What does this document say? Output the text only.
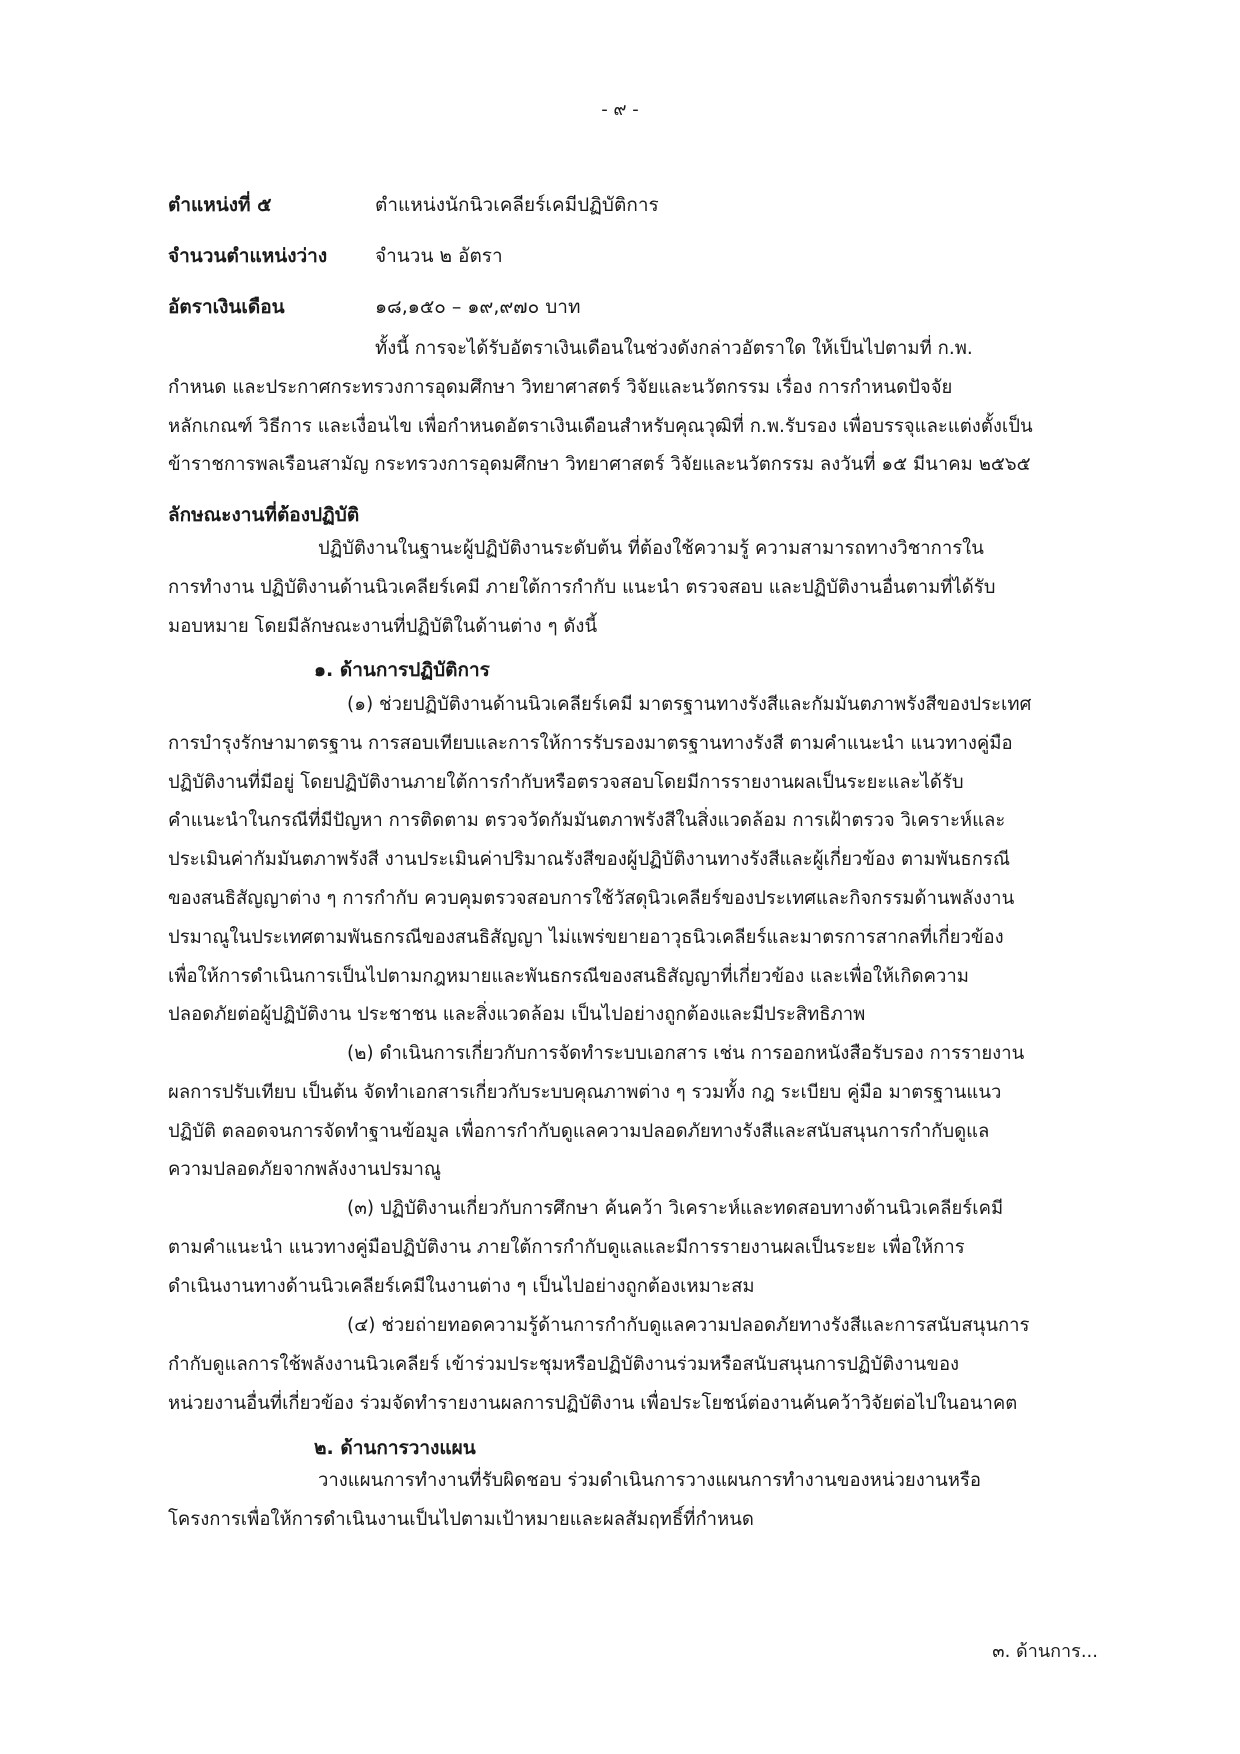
- ๙ -
ตำแหน่งที่ ๕	ตำแหน่งนักนิวเคลียร์เคมีปฏิบัติการ
จำนวนตำแหน่งว่าง	จำนวน ๒ อัตรา
อัตราเงินเดือน	๑๘,๑๕๐ – ๑๙,๙๗๐ บาท
ทั้งนี้ การจะได้รับอัตราเงินเดือนในช่วงดังกล่าวอัตราใด ให้เป็นไปตามที่ ก.พ.
กำหนด และประกาศกระทรวงการอุดมศึกษา วิทยาศาสตร์ วิจัยและนวัตกรรม เรื่อง การกำหนดปัจจัย
หลักเกณฑ์ วิธีการ และเงื่อนไข เพื่อกำหนดอัตราเงินเดือนสำหรับคุณวุฒิที่ ก.พ.รับรอง เพื่อบรรจุและแต่งตั้งเป็น
ข้าราชการพลเรือนสามัญ กระทรวงการอุดมศึกษา วิทยาศาสตร์ วิจัยและนวัตกรรม ลงวันที่ ๑๕ มีนาคม ๒๕๖๕
ลักษณะงานที่ต้องปฏิบัติ
ปฏิบัติงานในฐานะผู้ปฏิบัติงานระดับต้น ที่ต้องใช้ความรู้ ความสามารถทางวิชาการใน
การทำงาน ปฏิบัติงานด้านนิวเคลียร์เคมี ภายใต้การกำกับ แนะนำ ตรวจสอบ และปฏิบัติงานอื่นตามที่ได้รับ
มอบหมาย โดยมีลักษณะงานที่ปฏิบัติในด้านต่าง ๆ ดังนี้
๑. ด้านการปฏิบัติการ
(๑) ช่วยปฏิบัติงานด้านนิวเคลียร์เคมี มาตรฐานทางรังสีและกัมมันตภาพรังสีของประเทศ
การบำรุงรักษามาตรฐาน การสอบเทียบและการให้การรับรองมาตรฐานทางรังสี ตามคำแนะนำ แนวทางคู่มือ
ปฏิบัติงานที่มีอยู่ โดยปฏิบัติงานภายใต้การกำกับหรือตรวจสอบโดยมีการรายงานผลเป็นระยะและได้รับ
คำแนะนำในกรณีที่มีปัญหา การติดตาม ตรวจวัดกัมมันตภาพรังสีในสิ่งแวดล้อม การเฝ้าตรวจ วิเคราะห์และ
ประเมินค่ากัมมันตภาพรังสี งานประเมินค่าปริมาณรังสีของผู้ปฏิบัติงานทางรังสีและผู้เกี่ยวข้อง ตามพันธกรณี
ของสนธิสัญญาต่าง ๆ การกำกับ ควบคุมตรวจสอบการใช้วัสดุนิวเคลียร์ของประเทศและกิจกรรมด้านพลังงาน
ปรมาณูในประเทศตามพันธกรณีของสนธิสัญญา ไม่แพร่ขยายอาวุธนิวเคลียร์และมาตรการสากลที่เกี่ยวข้อง
เพื่อให้การดำเนินการเป็นไปตามกฎหมายและพันธกรณีของสนธิสัญญาที่เกี่ยวข้อง และเพื่อให้เกิดความ
ปลอดภัยต่อผู้ปฏิบัติงาน ประชาชน และสิ่งแวดล้อม เป็นไปอย่างถูกต้องและมีประสิทธิภาพ
(๒) ดำเนินการเกี่ยวกับการจัดทำระบบเอกสาร เช่น การออกหนังสือรับรอง การรายงาน
ผลการปรับเทียบ เป็นต้น จัดทำเอกสารเกี่ยวกับระบบคุณภาพต่าง ๆ รวมทั้ง กฎ ระเบียบ คู่มือ มาตรฐานแนว
ปฏิบัติ ตลอดจนการจัดทำฐานข้อมูล เพื่อการกำกับดูแลความปลอดภัยทางรังสีและสนับสนุนการกำกับดูแล
ความปลอดภัยจากพลังงานปรมาณู
(๓) ปฏิบัติงานเกี่ยวกับการศึกษา ค้นคว้า วิเคราะห์และทดสอบทางด้านนิวเคลียร์เคมี
ตามคำแนะนำ แนวทางคู่มือปฏิบัติงาน ภายใต้การกำกับดูแลและมีการรายงานผลเป็นระยะ เพื่อให้การ
ดำเนินงานทางด้านนิวเคลียร์เคมีในงานต่าง ๆ เป็นไปอย่างถูกต้องเหมาะสม
(๔) ช่วยถ่ายทอดความรู้ด้านการกำกับดูแลความปลอดภัยทางรังสีและการสนับสนุนการ
กำกับดูแลการใช้พลังงานนิวเคลียร์ เข้าร่วมประชุมหรือปฏิบัติงานร่วมหรือสนับสนุนการปฏิบัติงานของ
หน่วยงานอื่นที่เกี่ยวข้อง ร่วมจัดทำรายงานผลการปฏิบัติงาน เพื่อประโยชน์ต่องานค้นคว้าวิจัยต่อไปในอนาคต
๒. ด้านการวางแผน
วางแผนการทำงานที่รับผิดชอบ ร่วมดำเนินการวางแผนการทำงานของหน่วยงานหรือ
โครงการเพื่อให้การดำเนินงานเป็นไปตามเป้าหมายและผลสัมฤทธิ์ที่กำหนด
๓. ด้านการ...
